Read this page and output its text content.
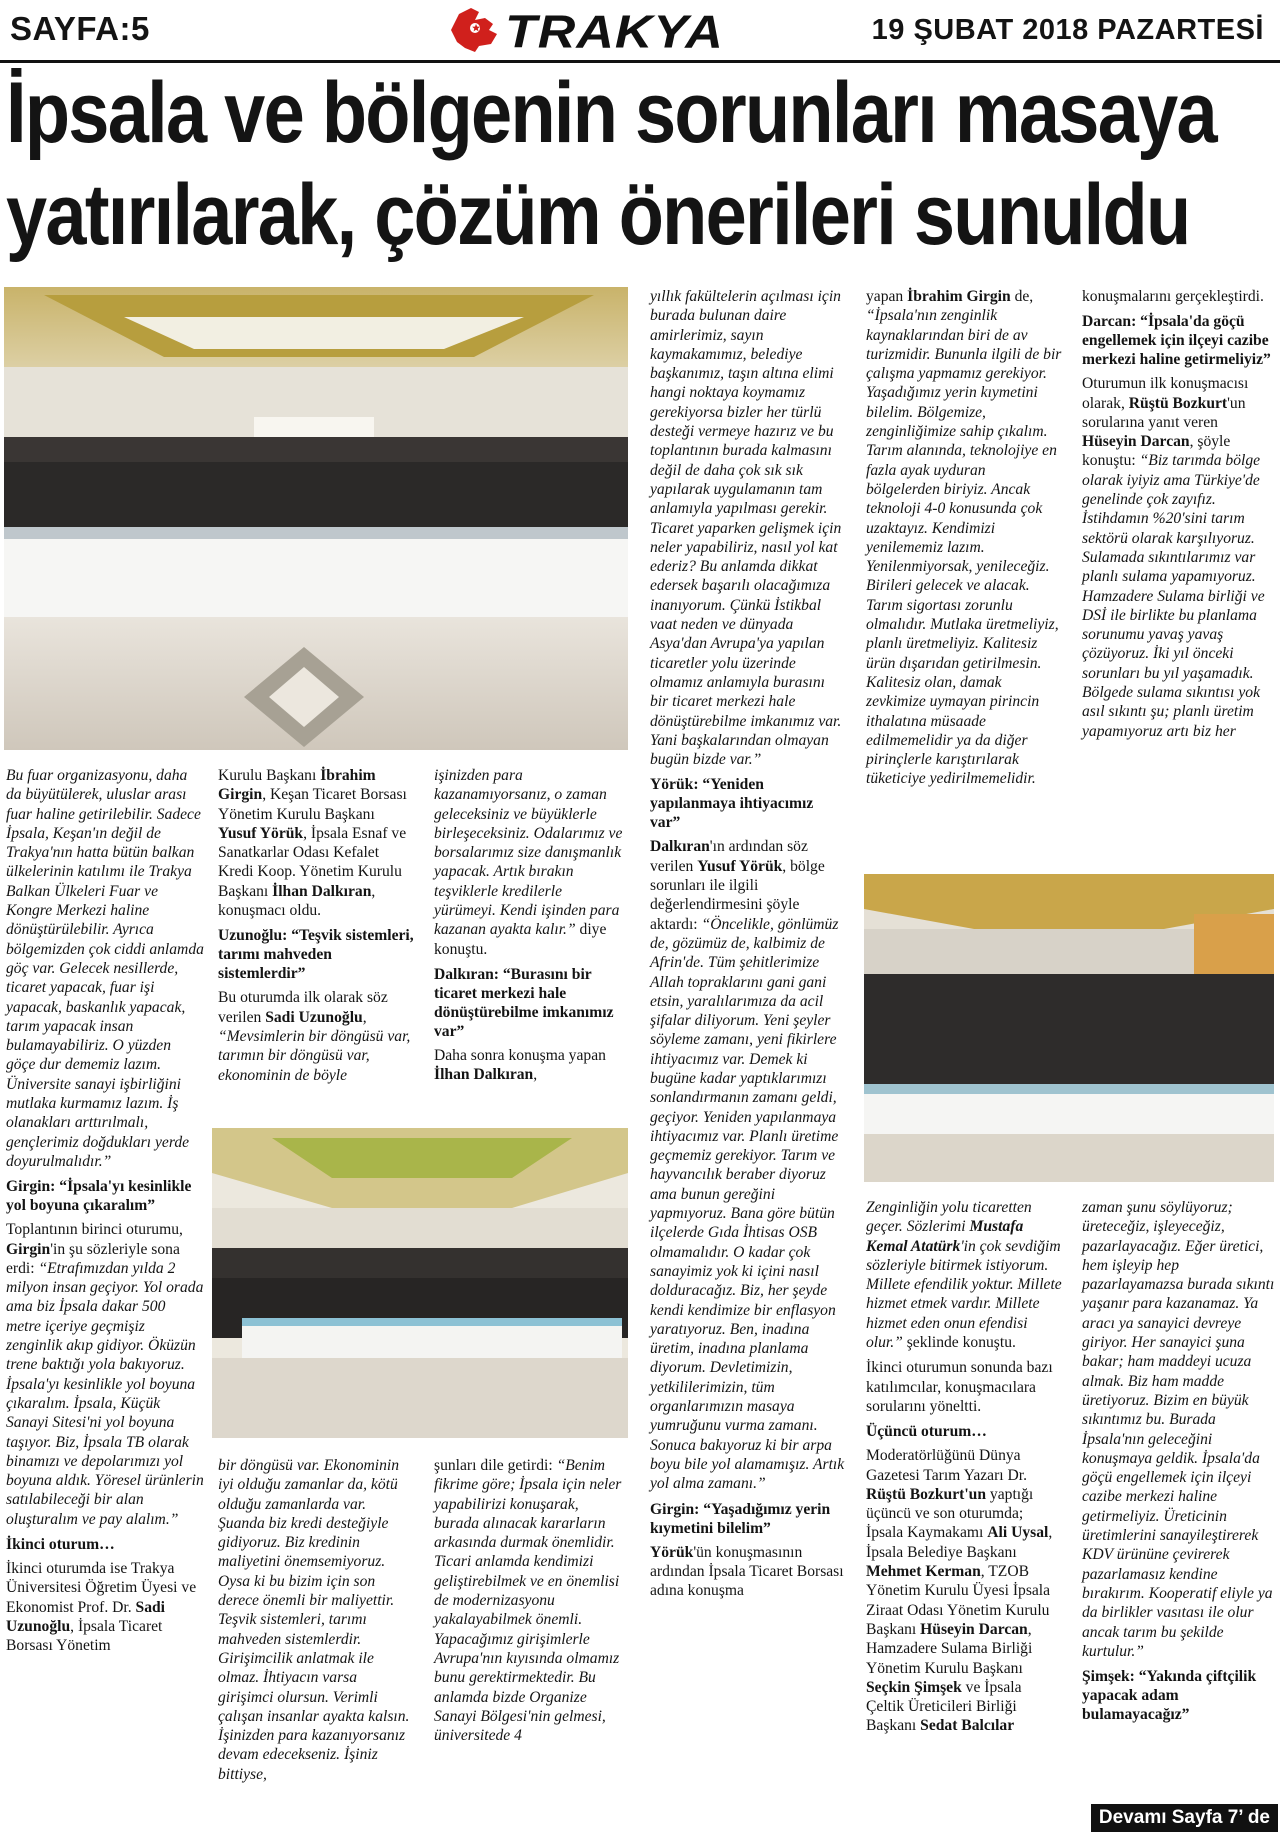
SAYFA:5	TRAKYA	19 ŞUBAT 2018 PAZARTESİ
İpsala ve bölgenin sorunları masaya
yatırılarak, çözüm önerileri sunuldu

Bu fuar organizasyonu, daha da büyütülerek, uluslar arası fuar haline getirilebilir. Sadece İpsala, Keşan'ın değil de Trakya'nın hatta bütün balkan ülkelerinin katılımı ile Trakya Balkan Ülkeleri Fuar ve Kongre Merkezi haline dönüştürülebilir. Ayrıca bölgemizden çok ciddi anlamda göç var. Gelecek nesillerde, ticaret yapacak, fuar işi yapacak, baskanlık yapacak, tarım yapacak insan bulamayabiliriz. O yüzden göçe dur dememiz lazım. Üniversite sanayi işbirliğini mutlaka kurmamız lazım. İş olanakları arttırılmalı, gençlerimiz doğdukları yerde doyurulmalıdır.”

Girgin: “İpsala'yı kesinlikle yol boyuna çıkaralım”

Toplantının birinci oturumu, Girgin'in şu sözleriyle sona erdi: “Etrafımızdan yılda 2 milyon insan geçiyor. Yol orada ama biz İpsala dakar 500 metre içeriye geçmişiz zenginlik akıp gidiyor. Öküzün trene baktığı yola bakıyoruz. İpsala'yı kesinlikle yol boyuna çıkaralım. İpsala, Küçük Sanayi Sitesi'ni yol boyuna taşıyor. Biz, İpsala TB olarak binamızı ve depolarımızı yol boyuna aldık. Yöresel ürünlerin satılabileceği bir alan oluşturalım ve pay alalım.”

İkinci oturum…

İkinci oturumda ise Trakya Üniversitesi Öğretim Üyesi ve Ekonomist Prof. Dr. Sadi Uzunoğlu, İpsala Ticaret Borsası Yönetim

Kurulu Başkanı İbrahim Girgin, Keşan Ticaret Borsası Yönetim Kurulu Başkanı Yusuf Yörük, İpsala Esnaf ve Sanatkarlar Odası Kefalet Kredi Koop. Yönetim Kurulu Başkanı İlhan Dalkıran, konuşmacı oldu.

Uzunoğlu: “Teşvik sistemleri, tarımı mahveden sistemlerdir”

Bu oturumda ilk olarak söz verilen Sadi Uzunoğlu, “Mevsimlerin bir döngüsü var, tarımın bir döngüsü var, ekonominin de böyle

işinizden para kazanamıyorsanız, o zaman geleceksiniz ve büyüklerle birleşeceksiniz. Odalarımız ve borsalarımız size danışmanlık yapacak. Artık bırakın teşviklerle kredilerle yürümeyi. Kendi işinden para kazanan ayakta kalır.” diye konuştu.

Dalkıran: “Burasını bir ticaret merkezi hale dönüştürebilme imkanımız var”

Daha sonra konuşma yapan İlhan Dalkıran,

bir döngüsü var. Ekonominin iyi olduğu zamanlar da, kötü olduğu zamanlarda var. Şuanda biz kredi desteğiyle gidiyoruz. Biz kredinin maliyetini önemsemiyoruz. Oysa ki bu bizim için son derece önemli bir maliyettir. Teşvik sistemleri, tarımı mahveden sistemlerdir. Girişimcilik anlatmak ile olmaz. İhtiyacın varsa girişimci olursun. Verimli çalışan insanlar ayakta kalsın. İşinizden para kazanıyorsanız devam edecekseniz. İşiniz bittiyse,

şunları dile getirdi: “Benim fikrime göre; İpsala için neler yapabilirizi konuşarak, burada alınacak kararların arkasında durmak önemlidir. Ticari anlamda kendimizi geliştirebilmek ve en önemlisi de modernizasyonu yakalayabilmek önemli. Yapacağımız girişimlerle Avrupa'nın kıyısında olmamız bunu gerektirmektedir. Bu anlamda bizde Organize Sanayi Bölgesi'nin gelmesi, üniversitede 4

yıllık fakültelerin açılması için burada bulunan daire amirlerimiz, sayın kaymakamımız, belediye başkanımız, taşın altına elimi hangi noktaya koymamız gerekiyorsa bizler her türlü desteği vermeye hazırız ve bu toplantının burada kalmasını değil de daha çok sık sık yapılarak uygulamanın tam anlamıyla yapılması gerekir. Ticaret yaparken gelişmek için neler yapabiliriz, nasıl yol kat ederiz? Bu anlamda dikkat edersek başarılı olacağımıza inanıyorum. Çünkü İstikbal vaat neden ve dünyada Asya'dan Avrupa'ya yapılan ticaretler yolu üzerinde olmamız anlamıyla burasını bir ticaret merkezi hale dönüştürebilme imkanımız var. Yani başkalarından olmayan bugün bizde var.”

Yörük: “Yeniden yapılanmaya ihtiyacımız var”

Dalkıran'ın ardından söz verilen Yusuf Yörük, bölge sorunları ile ilgili değerlendirmesini şöyle aktardı: “Öncelikle, gönlümüz de, gözümüz de, kalbimiz de Afrin'de. Tüm şehitlerimize Allah topraklarını gani gani etsin, yaralılarımıza da acil şifalar diliyorum. Yeni şeyler söyleme zamanı, yeni fikirlere ihtiyacımız var. Demek ki bugüne kadar yaptıklarımızı sonlandırmanın zamanı geldi, geçiyor. Yeniden yapılanmaya ihtiyacımız var. Planlı üretime geçmemiz gerekiyor. Tarım ve hayvancılık beraber diyoruz ama bunun gereğini yapmıyoruz. Bana göre bütün ilçelerde Gıda İhtisas OSB olmamalıdır. O kadar çok sanayimiz yok ki içini nasıl dolduracağız. Biz, her şeyde kendi kendimize bir enflasyon yaratıyoruz. Ben, inadına üretim, inadına planlama diyorum. Devletimizin, yetkililerimizin, tüm organlarımızın masaya yumruğunu vurma zamanı. Sonuca bakıyoruz ki bir arpa boyu bile yol alamamışız. Artık yol alma zamanı.”

Girgin: “Yaşadığımız yerin kıymetini bilelim”

Yörük'ün konuşmasının ardından İpsala Ticaret Borsası adına konuşma

yapan İbrahim Girgin de, “İpsala'nın zenginlik kaynaklarından biri de av turizmidir. Bununla ilgili de bir çalışma yapmamız gerekiyor. Yaşadığımız yerin kıymetini bilelim. Bölgemize, zenginliğimize sahip çıkalım. Tarım alanında, teknolojiye en fazla ayak uyduran bölgelerden biriyiz. Ancak teknoloji 4-0 konusunda çok uzaktayız. Kendimizi yenilememiz lazım. Yenilenmiyorsak, yenileceğiz. Birileri gelecek ve alacak. Tarım sigortası zorunlu olmalıdır. Mutlaka üretmeliyiz, planlı üretmeliyiz. Kalitesiz ürün dışarıdan getirilmesin. Kalitesiz olan, damak zevkimize uymayan pirincin ithalatına müsaade edilmemelidir ya da diğer pirinçlerle karıştırılarak tüketiciye yedirilmemelidir.

Zenginliğin yolu ticaretten geçer. Sözlerimi Mustafa Kemal Atatürk'in çok sevdiğim sözleriyle bitirmek istiyorum. Millete efendilik yoktur. Millete hizmet etmek vardır. Millete hizmet eden onun efendisi olur.” şeklinde konuştu.

İkinci oturumun sonunda bazı katılımcılar, konuşmacılara sorularını yöneltti.

Üçüncü oturum…

Moderatörlüğünü Dünya Gazetesi Tarım Yazarı Dr. Rüştü Bozkurt'un yaptığı üçüncü ve son oturumda; İpsala Kaymakamı Ali Uysal, İpsala Belediye Başkanı Mehmet Kerman, TZOB Yönetim Kurulu Üyesi İpsala Ziraat Odası Yönetim Kurulu Başkanı Hüseyin Darcan, Hamzadere Sulama Birliği Yönetim Kurulu Başkanı Seçkin Şimşek ve İpsala Çeltik Üreticileri Birliği Başkanı Sedat Balcılar

konuşmalarını gerçekleştirdi.

Darcan: “İpsala'da göçü engellemek için ilçeyi cazibe merkezi haline getirmeliyiz”

Oturumun ilk konuşmacısı olarak, Rüştü Bozkurt'un sorularına yanıt veren Hüseyin Darcan, şöyle konuştu: “Biz tarımda bölge olarak iyiyiz ama Türkiye'de genelinde çok zayıfız. İstihdamın %20'sini tarım sektörü olarak karşılıyoruz. Sulamada sıkıntılarımız var planlı sulama yapamıyoruz. Hamzadere Sulama birliği ve DSİ ile birlikte bu planlama sorunumu yavaş yavaş çözüyoruz. İki yıl önceki sorunları bu yıl yaşamadık. Bölgede sulama sıkıntısı yok asıl sıkıntı şu; planlı üretim yapamıyoruz artı biz her

zaman şunu söylüyoruz; üreteceğiz, işleyeceğiz, pazarlayacağız. Eğer üretici, hem işleyip hep pazarlayamazsa burada sıkıntı yaşanır para kazanamaz. Ya aracı ya sanayici devreye giriyor. Her sanayici şuna bakar; ham maddeyi ucuza almak. Biz ham madde üretiyoruz. Bizim en büyük sıkıntımız bu. Burada İpsala'nın geleceğini konuşmaya geldik. İpsala'da göçü engellemek için ilçeyi cazibe merkezi haline getirmeliyiz. Üreticinin üretimlerini sanayileştirerek KDV ürününe çevirerek pazarlamasız kendine bırakırım. Kooperatif eliyle ya da birlikler vasıtası ile olur ancak tarım bu şekilde kurtulur.”

Şimşek: “Yakında çiftçilik yapacak adam bulamayacağız”
Devamı Sayfa 7’ de
